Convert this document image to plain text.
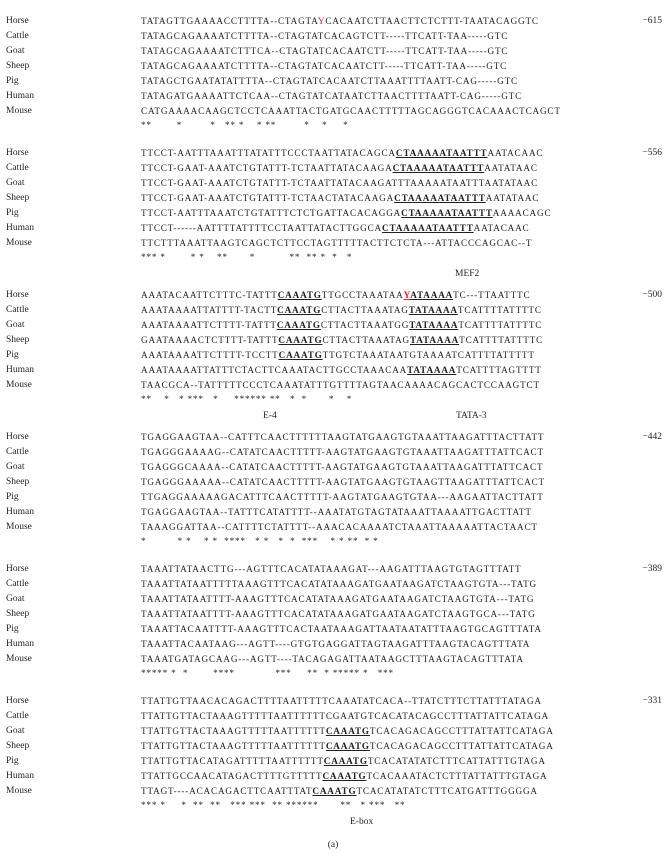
Horse	TATAGTTGAAAACCTTTTA--CTAGTAYCACAATCTTAACTTCTCTTT-TAATACAGGTC	−615
Cattle	TATAGCAGAAAATCTTTTA--CTAGTATCACAGTCTT-----TTCATT-TAA-----GTC
Goat	TATAGCAGAAAATCTTTCA--CTAGTATCACAATCTT-----TTCATT-TAA-----GTC
Sheep	TATAGCAGAAAATCTTTTA--CTAGTATCACAATCTT-----TTCATT-TAA-----GTC
Pig	TATAGCTGAATATATTTTA--CTAGTATCACAATCTTAAATTTTAATT-CAG-----GTC
Human	TATAGATGAAAATTCTCAA--CTAGTATCATAATCTTAACTTTTAATT-CAG-----GTC
Mouse	CATGAAAACAAGCTCCTCAAATTACTGATGCAACTTTTTAGCAGGGTCACAAACTCAGCT
**        *         *   ** *    * **         *    *     *
Horse	TTCCT-AATTTAAATTTATATTTCCCTAATTATACAGCACTAAAAATAATTTAATACAAC	−556
Cattle	TTCCT-GAAT-AAATCTGTATTT-TCTAATTATACAAGACTAAAAATAATTTAATATAAC
Goat	TTCCT-GAAT-AAATCTGTATTT-TCTAATTATACAAGATTTAAAAATAATTTAATATAAC
Sheep	TTCCT-GAAT-AAATCTGTATTT-TCTAACTATACAAGACTAAAAATAATTTAATATAAC
Pig	TTCCT-AATTTAAATCTGTATTTCTCTGATTACACAGGACTAAAAATAATTTAAAACAGC
Human	TTCCT------AATTTTATTTTCCTAATTATACTTGGCACTAAAAATAATTTAATACAAC
Mouse	TTCTTTAAATTAAGTCAGCTCTTCCTAGTTTTTACTTCTCTA---ATTACCCAGCAC--T
*** *        * *    **       *           **  ** *  *   *
MEF2
Horse	AAATACAATTCTTTC-TATTTCAAATGTTGCCTAAATAAYATAAAATC---TTAATTTC	−500
Cattle	AAATAAAATTATTTT-TACTTCAAATGCTTACTTAAATAGTATAAAATCATTTTATTTTC
Goat	AAATAAAATTCTTTT-TATTTCAAATGCTTACTTAAATGGTATAAAATCATTTTATTTTC
Sheep	GAATAAAACTCTTTT-TATTTCAAATGCTTACTTAAATAGTATAAAATCATTTTATTTTC
Pig	AAATAAAATTCTTTT-TCCTTCAAATGTTGTCTAAATAATGTAAAATCATTTTATTTTT
Human	AAATAAAATTATTTCTACTTCAAATACTTGCCTAAACAATATAAAATCATTTTAGTTTT
Mouse	TAACGCA--TATTTTTCCCTCAAATATTTGTTTTAGTAACAAAACAGCACTCCAAGTCT
**    *   * ***   *     ****** **   *  *       *    *
E-4	TATA-3
Horse	TGAGGAAGTAA--CATTTCAACTTTTTTAAGTATGAAGTGTAAATTAAGATTTACTTATT	−442
Cattle	TGAGGGAAAAG--CATATCAACTTTTT-AAGTATGAAGTGTAAATTAAGATTTATTCACT
Goat	TGAGGGCAAAA--CATATCAACTTTTT-AAGTATGAAGTGTAAATTAAGATTTATTCACT
Sheep	TGAGGGAAAAA--CATATCAACTTTTT-AAGTATGAAGTGTAAGTTAAGATTTATTCACT
Pig	TTGAGGAAAAAGACATTTCAACTTTTT-AAGTATGAAGTGTAA---AAGAATTACTTATT
Human	TGAGGAAGTAA--TATTTCATATTTT--AAATATGTAGTATAAATTAAAATTGACTTATT
Mouse	TAAAGGATTAA--CATTTTCTATTTT--AAACACAAAATCTAAATTAAAAATTACTAACT
*          * *    * *  ****   * *   *  *  ***    * * **  * *
Horse	TAAATTATAACTTG---AGTTTCACATATAAAGAT---AAGATTTAAGTGTAGTTTATT	−389
Cattle	TAAATTATAATTTTTAAAGTTTCACATATAAAGATGAATAAGATCTAAGTGTA---TATG
Goat	TAAATTATAATTTT-AAAGTTTCACATATAAAGATGAATAAGATCTAAGTGTA---TATG
Sheep	TAAATTATAATTTT-AAAGTTTCACATATAAAGATGAATAAGATCTAAGTGCA---TATG
Pig	TAAATTACAATTTT-AAAGTTTCACTAATAAAGATTAATAATATTTAAGTGCAGTTTATA
Human	TAAATTACAATAAG---AGTT----GTGTGAGGATTAGTAAGATTTAAGTACAGTTTATA
Mouse	TAAATGATAGCAAG---AGTT----TACAGAGATTAATAAGCTTTAAGTACAGTTTATA
***** *  *        ****             ***     **  * ***** *   ***
Horse	TTATTGTTAACACAGACTTTTAATTTTTCAAATATCACA--TTATCTTTCTTATTTATAGA	−331
Cattle	TTATTGTTACTAAAGTTTTTAATTTTTTCGAATGTCACATACAGCCTTTATTATTCATAGA
Goat	TTATTGTTACTAAAGTTTTTAATTTTTTCAAATGTCACAGACAGCCTTTATTATTCATAGA
Sheep	TTATTGTTACTAAAGTTTTTAATTTTTTCAAATGTCACAGACAGCCTTTATTATTCATAGA
Pig	TTATTGTTACATAGATTTTTAATTTTTTCAAATGTCACATATATCTTTCATTATTTGTAGA
Human	TTATTGCCAACATAGACTTTTGTTTTTCAAATGTCACAAATACTCTTTATTATTTGTAGA
Mouse	TTAGT----ACACAGACTTCAATTTATCAAATGTCACATATATCTTTCATGATTTGGGGA
*** *     *  **  **   *** ***  ** ******       **   * ***   **
E-box
(a)
